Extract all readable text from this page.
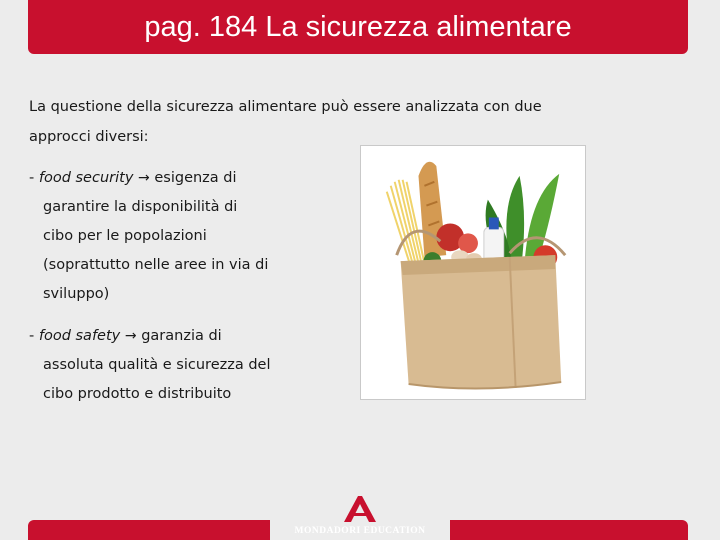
pag. 184 La sicurezza alimentare
La questione della sicurezza alimentare può essere analizzata con due
approcci diversi:
- food security → esigenza di
garantire la disponibilità di
cibo per le popolazioni
(soprattutto nelle aree in via di
sviluppo)
- food safety → garanzia di
assoluta qualità e sicurezza del
cibo prodotto e distribuito
MONDADORI EDUCATION
